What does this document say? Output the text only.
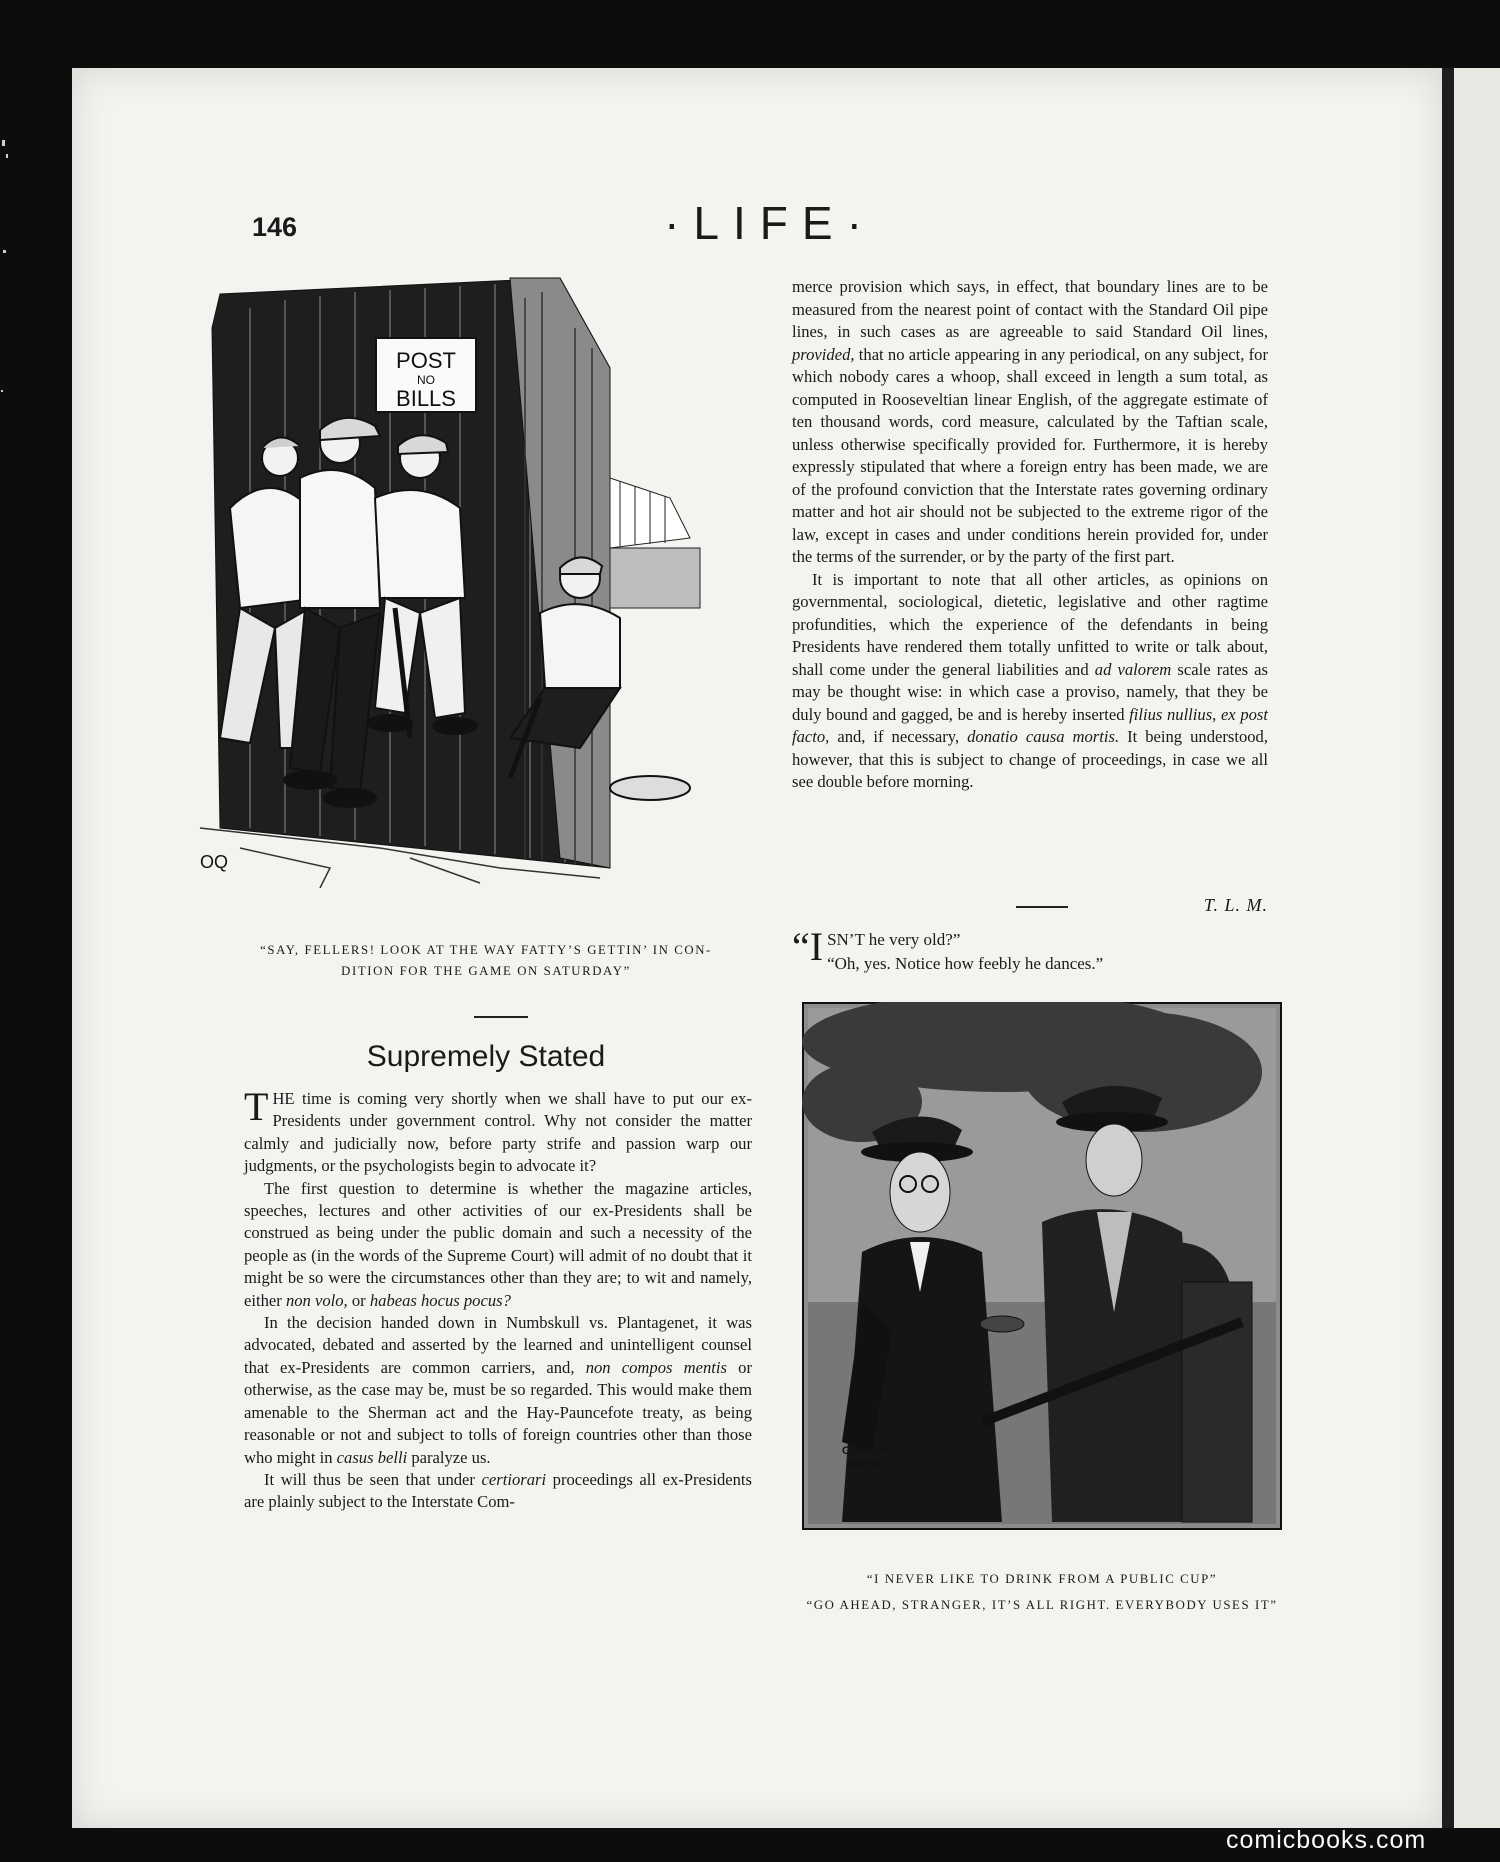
146	·LIFE·
POST
NO
BILLS
OQ
“SAY, FELLERS! LOOK AT THE WAY FATTY’S GETTIN’ IN CON-
DITION FOR THE GAME ON SATURDAY”
Supremely Stated

THE time is coming very shortly when we shall have to put our ex-Presidents under government control. Why not consider the matter calmly and judicially now, before party strife and passion warp our judgments, or the psychologists begin to advocate it?

The first question to determine is whether the magazine articles, speeches, lectures and other activities of our ex-Presidents shall be construed as being under the public domain and such a necessity of the people as (in the words of the Supreme Court) will admit of no doubt that it might be so were the circumstances other than they are; to wit and namely, either non volo, or habeas hocus pocus?

In the decision handed down in Numbskull vs. Plantagenet, it was advocated, debated and asserted by the learned and unintelligent counsel that ex-Presidents are common carriers, and, non compos mentis or otherwise, as the case may be, must be so regarded. This would make them amenable to the Sherman act and the Hay-Pauncefote treaty, as being reasonable or not and subject to tolls of foreign countries other than those who might in casus belli paralyze us.

It will thus be seen that under certiorari proceedings all ex-Presidents are plainly subject to the Interstate Com-

merce provision which says, in effect, that boundary lines are to be measured from the nearest point of contact with the Standard Oil pipe lines, in such cases as are agreeable to said Standard Oil lines, provided, that no article appearing in any periodical, on any subject, for which nobody cares a whoop, shall exceed in length a sum total, as computed in Rooseveltian linear English, of the aggregate estimate of ten thousand words, cord measure, calculated by the Taftian scale, unless otherwise specifically provided for. Furthermore, it is hereby expressly stipulated that where a foreign entry has been made, we are of the profound conviction that the Interstate rates governing ordinary matter and hot air should not be subjected to the extreme rigor of the law, except in cases and under conditions herein provided for, under the terms of the surrender, or by the party of the first part.

It is important to note that all other articles, as opinions on governmental, sociological, dietetic, legislative and other ragtime profundities, which the experience of the defendants in being Presidents have rendered them totally unfitted to write or talk about, shall come under the general liabilities and ad valorem scale rates as may be thought wise: in which case a proviso, namely, that they be duly bound and gagged, be and is hereby inserted filius nullius, ex post facto, and, if necessary, donatio causa mortis. It being understood, however, that this is subject to change of proceedings, in case we all see double before morning.

T. L. M.
“I SN’T he very old?”
“Oh, yes. Notice how feebly he dances.”
CLIFTON
MEEK
“I NEVER LIKE TO DRINK FROM A PUBLIC CUP”
“GO AHEAD, STRANGER, IT’S ALL RIGHT. EVERYBODY USES IT”
comicbooks.com
